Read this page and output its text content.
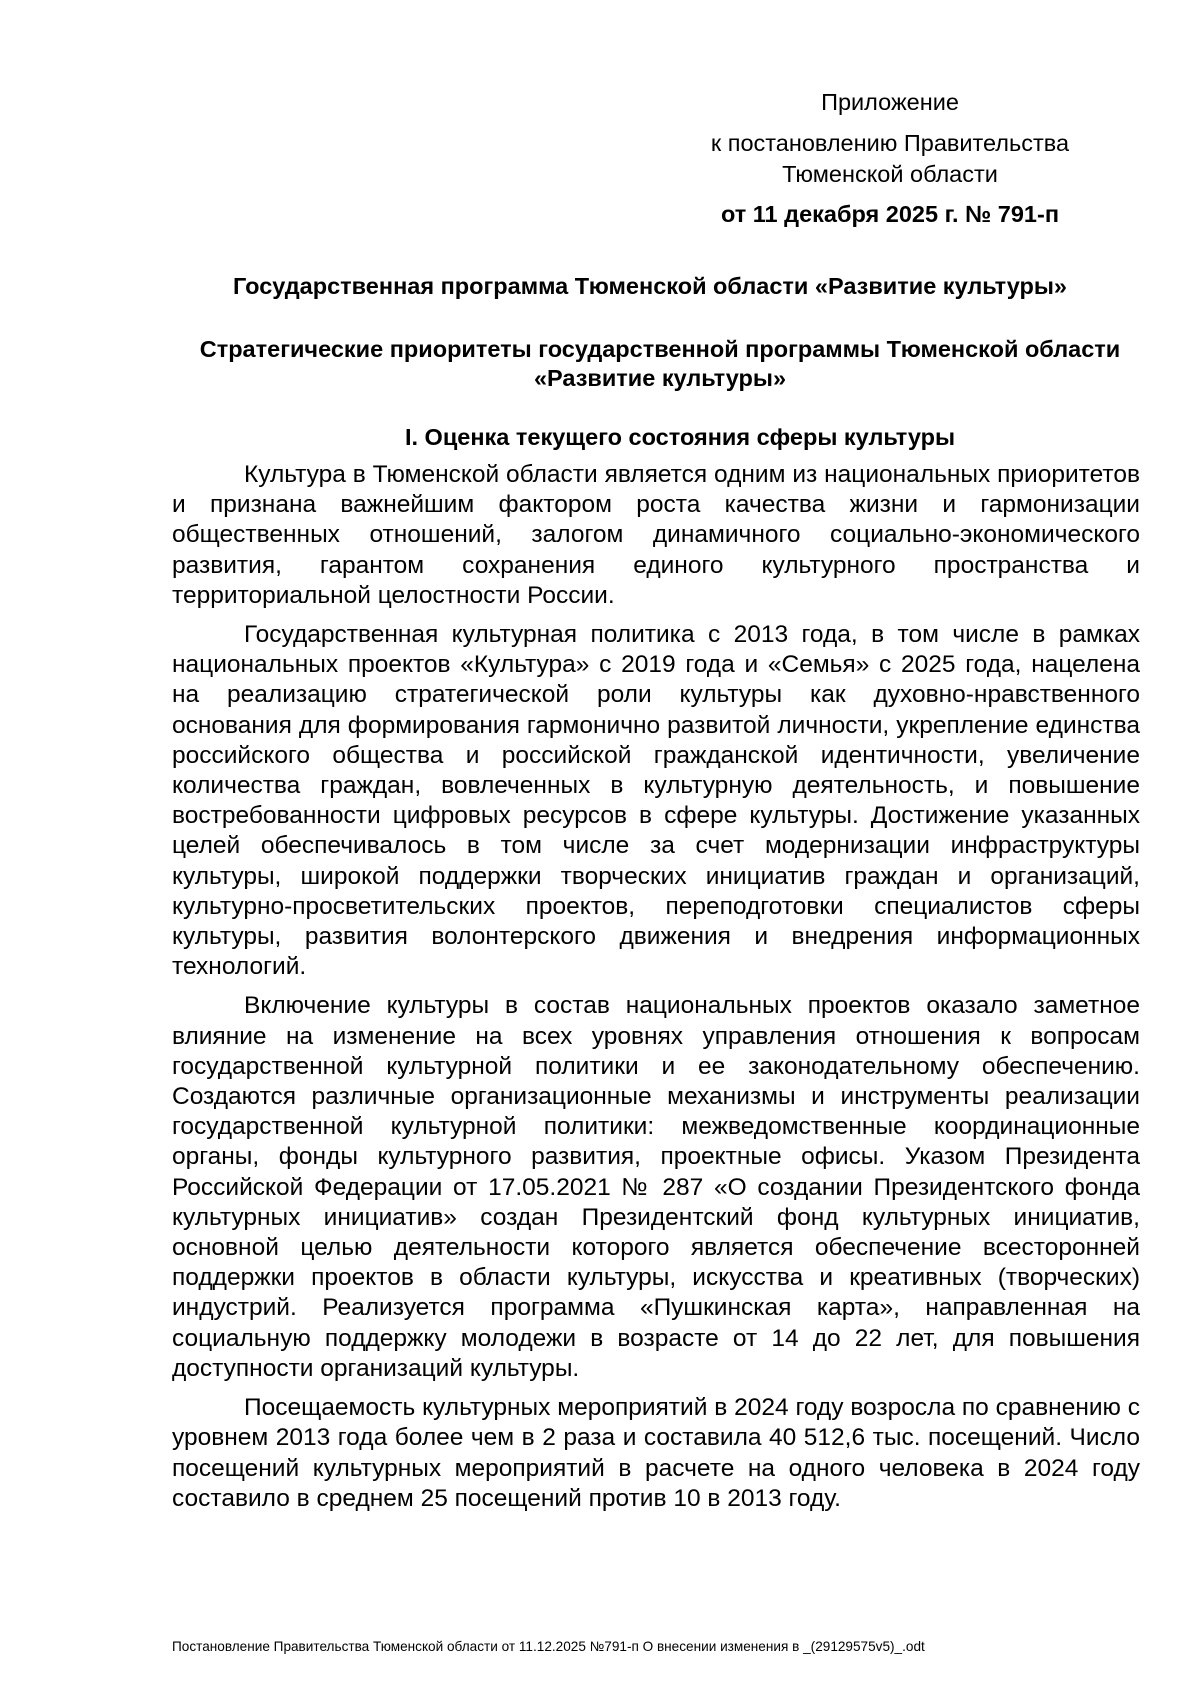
Приложение
к постановлению Правительства Тюменской области
от 11 декабря 2025 г. № 791-п
Государственная программа Тюменской области «Развитие культуры»
Стратегические приоритеты государственной программы Тюменской области «Развитие культуры»
I. Оценка текущего состояния сферы культуры

Культура в Тюменской области является одним из национальных приоритетов и признана важнейшим фактором роста качества жизни и гармонизации общественных отношений, залогом динамичного социально-экономического развития, гарантом сохранения единого культурного пространства и территориальной целостности России.

Государственная культурная политика с 2013 года, в том числе в рамках национальных проектов «Культура» с 2019 года и «Семья» с 2025 года, нацелена на реализацию стратегической роли культуры как духовно-нравственного основания для формирования гармонично развитой личности, укрепление единства российского общества и российской гражданской идентичности, увеличение количества граждан, вовлеченных в культурную деятельность, и повышение востребованности цифровых ресурсов в сфере культуры. Достижение указанных целей обеспечивалось в том числе за счет модернизации инфраструктуры культуры, широкой поддержки творческих инициатив граждан и организаций, культурно-просветительских проектов, переподготовки специалистов сферы культуры, развития волонтерского движения и внедрения информационных технологий.

Включение культуры в состав национальных проектов оказало заметное влияние на изменение на всех уровнях управления отношения к вопросам государственной культурной политики и ее законодательному обеспечению. Создаются различные организационные механизмы и инструменты реализации государственной культурной политики: межведомственные координационные органы, фонды культурного развития, проектные офисы. Указом Президента Российской Федерации от 17.05.2021 № 287 «О создании Президентского фонда культурных инициатив» создан Президентский фонд культурных инициатив, основной целью деятельности которого является обеспечение всесторонней поддержки проектов в области культуры, искусства и креативных (творческих) индустрий. Реализуется программа «Пушкинская карта», направленная на социальную поддержку молодежи в возрасте от 14 до 22 лет, для повышения доступности организаций культуры.

Посещаемость культурных мероприятий в 2024 году возросла по сравнению с уровнем 2013 года более чем в 2 раза и составила 40 512,6 тыс. посещений. Число посещений культурных мероприятий в расчете на одного человека в 2024 году составило в среднем 25 посещений против 10 в 2013 году.

Постановление Правительства Тюменской области от 11.12.2025 №791-п О внесении изменения в _(29129575v5)_.odt
